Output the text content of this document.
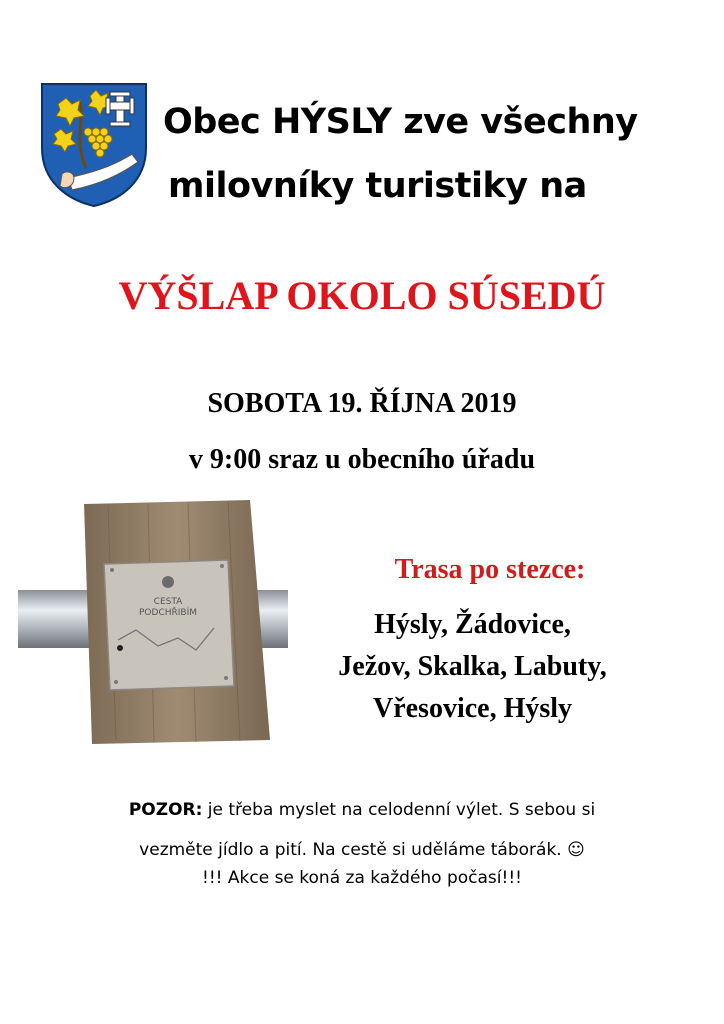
Obec HÝSLY zve všechny
milovníky turistiky na
VÝŠLAP OKOLO SÚSEDÚ
SOBOTA 19. ŘÍJNA 2019
v 9:00 sraz u obecního úřadu
CESTA
PODCHŘIBÍM
Trasa po stezce:
Hýsly, Žádovice,
Ježov, Skalka, Labuty,
Vřesovice, Hýsly
POZOR: je třeba myslet na celodenní výlet. S sebou si
vezměte jídlo a pití. Na cestě si uděláme táborák. ☺
!!! Akce se koná za každého počasí!!!
